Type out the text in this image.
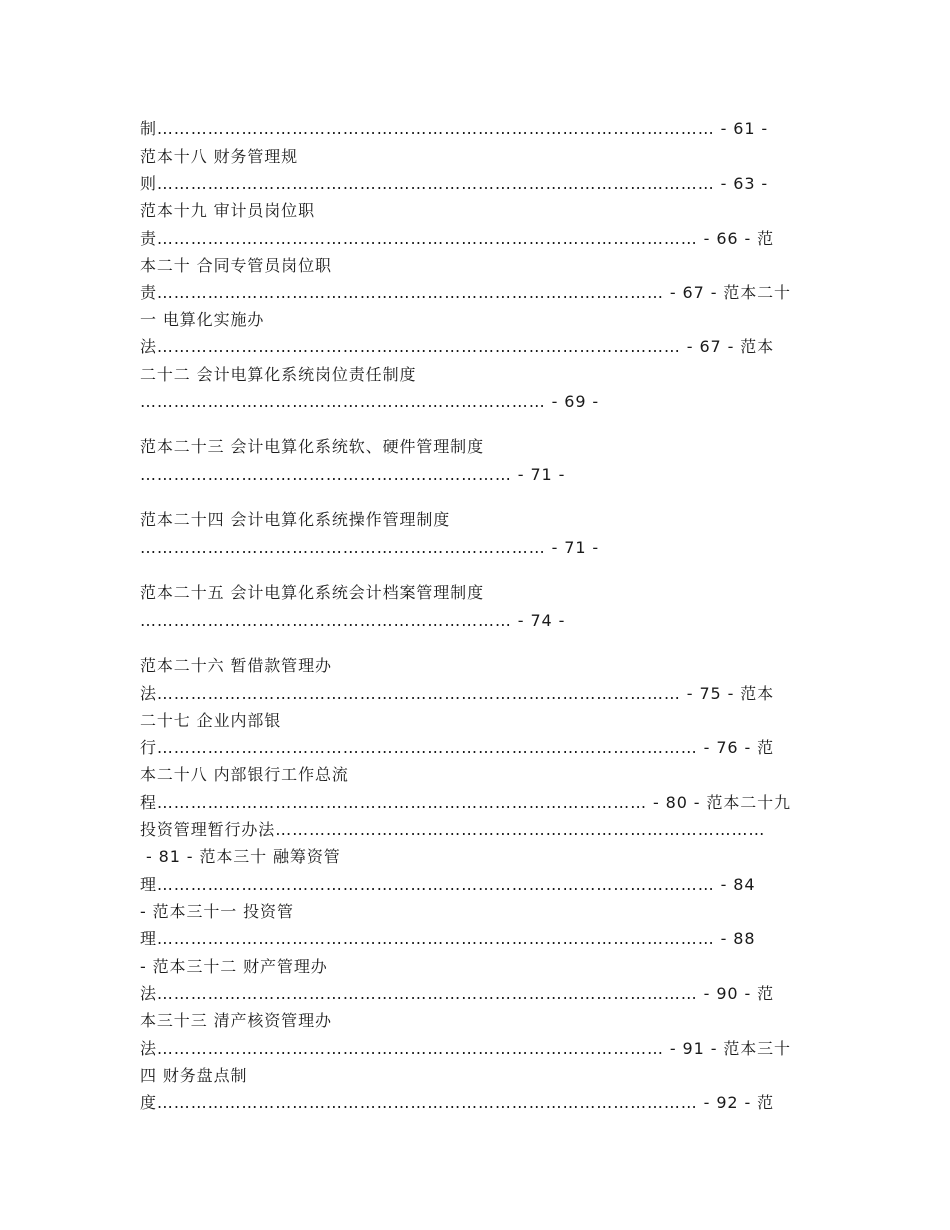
制……………………………………………………………………………………… - 61 -
范本十八 财务管理规
则……………………………………………………………………………………… - 63 -
范本十九 审计员岗位职
责…………………………………………………………………………………… - 66 - 范
本二十 合同专管员岗位职
责……………………………………………………………………………… - 67 - 范本二十
一 电算化实施办
法………………………………………………………………………………… - 67 - 范本
二十二 会计电算化系统岗位责任制度
……………………………………………………………… - 69 -
范本二十三 会计电算化系统软、硬件管理制度
………………………………………………………… - 71 -
范本二十四 会计电算化系统操作管理制度
……………………………………………………………… - 71 -
范本二十五 会计电算化系统会计档案管理制度
………………………………………………………… - 74 -
范本二十六 暂借款管理办
法………………………………………………………………………………… - 75 - 范本
二十七 企业内部银
行…………………………………………………………………………………… - 76 - 范
本二十八 内部银行工作总流
程…………………………………………………………………………… - 80 - 范本二十九
投资管理暂行办法……………………………………………………………………………
- 81 - 范本三十 融筹资管
理……………………………………………………………………………………… - 84
- 范本三十一 投资管
理……………………………………………………………………………………… - 88
- 范本三十二 财产管理办
法…………………………………………………………………………………… - 90 - 范
本三十三 清产核资管理办
法……………………………………………………………………………… - 91 - 范本三十
四 财务盘点制
度…………………………………………………………………………………… - 92 - 范
